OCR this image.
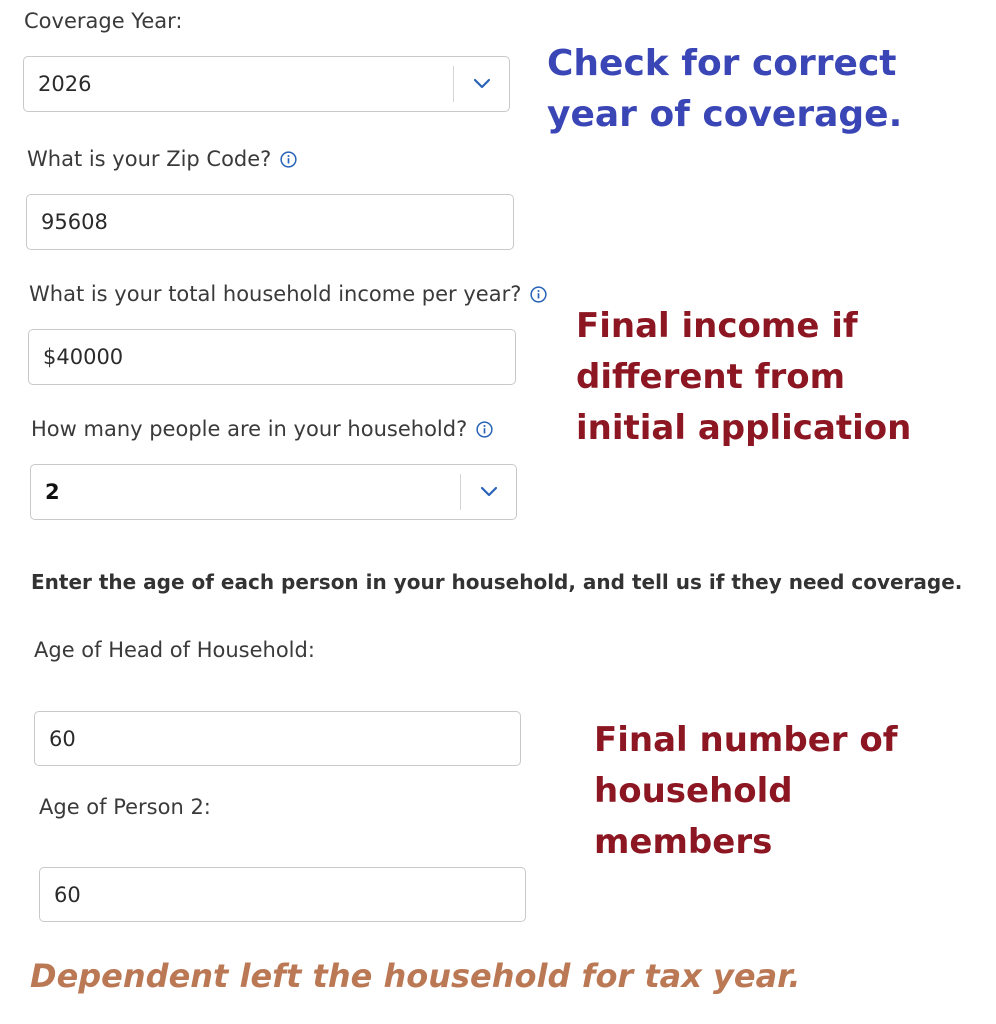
Coverage Year:
2026
What is your Zip Code?
95608
What is your total household income per year?
$40000
How many people are in your household?
2
Enter the age of each person in your household, and tell us if they need coverage.
Age of Head of Household:
60
Age of Person 2:
60
Check for correct
year of coverage.
Final income if
different from
initial application
Final number of
household
members
Dependent left the household for tax year.
